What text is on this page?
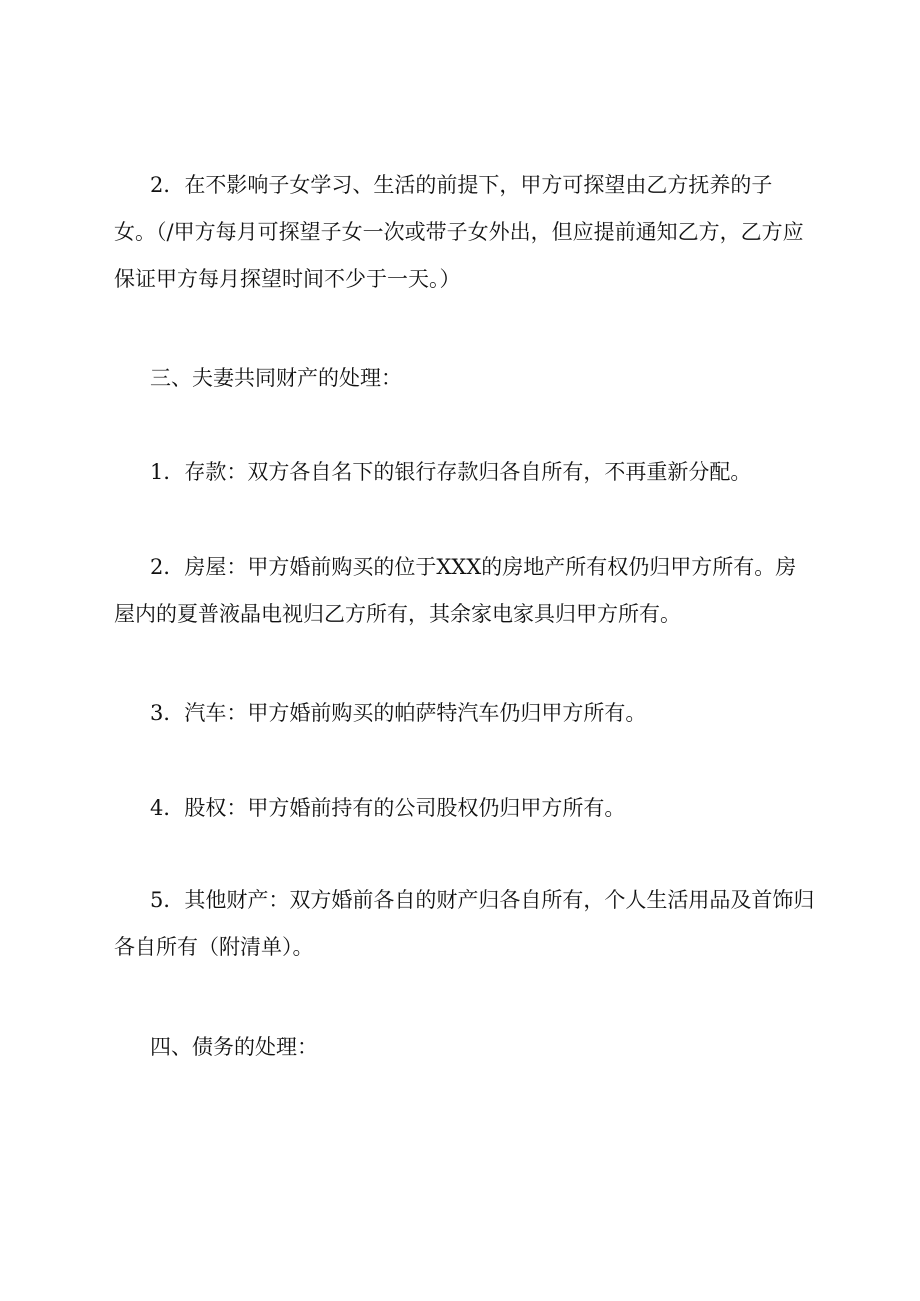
2．在不影响子女学习、生活的前提下，甲方可探望由乙方抚养的子
女。（/甲方每月可探望子女一次或带子女外出，但应提前通知乙方，乙方应
保证甲方每月探望时间不少于一天。）
三、夫妻共同财产的处理：
1．存款：双方各自名下的银行存款归各自所有，不再重新分配。
2．房屋：甲方婚前购买的位于XXX的房地产所有权仍归甲方所有。房
屋内的夏普液晶电视归乙方所有，其余家电家具归甲方所有。
3．汽车：甲方婚前购买的帕萨特汽车仍归甲方所有。
4．股权：甲方婚前持有的公司股权仍归甲方所有。
5．其他财产：双方婚前各自的财产归各自所有，个人生活用品及首饰归
各自所有（附清单）。
四、债务的处理：
